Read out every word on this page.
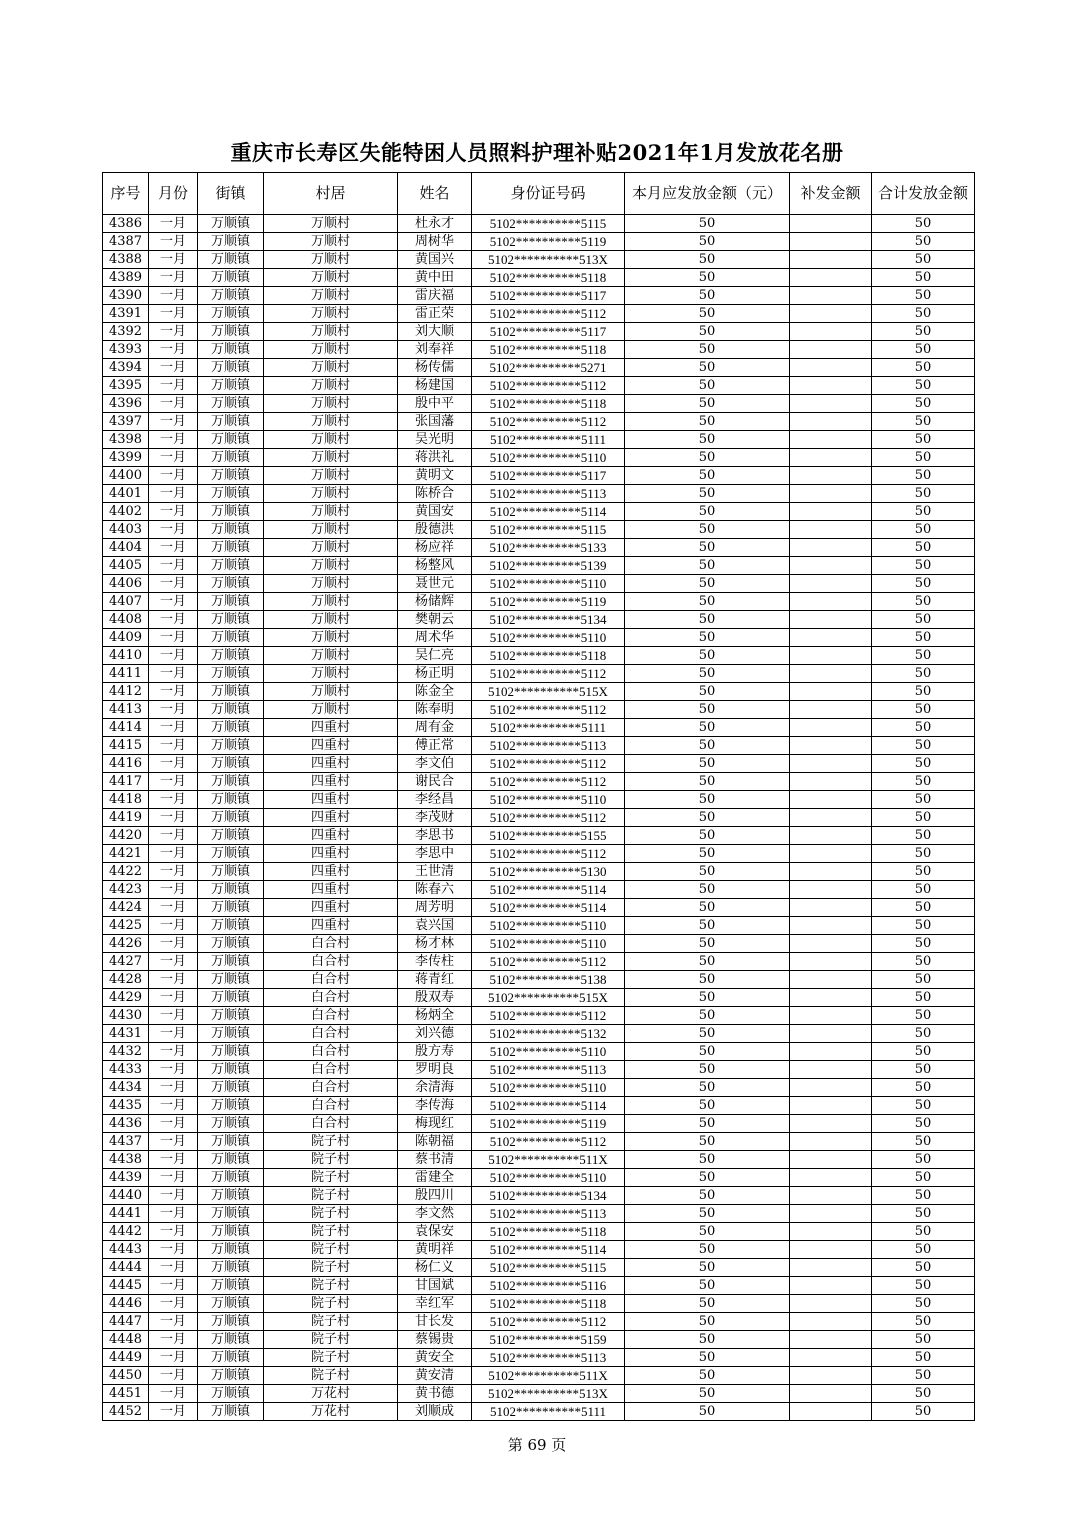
重庆市长寿区失能特困人员照料护理补贴2021年1月发放花名册
序号	月份	街镇	村居	姓名	身份证号码	本月应发放金额（元）	补发金额	合计发放金额
4386	一月	万顺镇	万顺村	杜永才	5102**********5115	50		50
4387	一月	万顺镇	万顺村	周树华	5102**********5119	50		50
4388	一月	万顺镇	万顺村	黄国兴	5102**********513X	50		50
4389	一月	万顺镇	万顺村	黄中田	5102**********5118	50		50
4390	一月	万顺镇	万顺村	雷庆福	5102**********5117	50		50
4391	一月	万顺镇	万顺村	雷正荣	5102**********5112	50		50
4392	一月	万顺镇	万顺村	刘大顺	5102**********5117	50		50
4393	一月	万顺镇	万顺村	刘奉祥	5102**********5118	50		50
4394	一月	万顺镇	万顺村	杨传儒	5102**********5271	50		50
4395	一月	万顺镇	万顺村	杨建国	5102**********5112	50		50
4396	一月	万顺镇	万顺村	殷中平	5102**********5118	50		50
4397	一月	万顺镇	万顺村	张国藩	5102**********5112	50		50
4398	一月	万顺镇	万顺村	吴光明	5102**********5111	50		50
4399	一月	万顺镇	万顺村	蒋洪礼	5102**********5110	50		50
4400	一月	万顺镇	万顺村	黄明文	5102**********5117	50		50
4401	一月	万顺镇	万顺村	陈桥合	5102**********5113	50		50
4402	一月	万顺镇	万顺村	黄国安	5102**********5114	50		50
4403	一月	万顺镇	万顺村	殷德洪	5102**********5115	50		50
4404	一月	万顺镇	万顺村	杨应祥	5102**********5133	50		50
4405	一月	万顺镇	万顺村	杨整风	5102**********5139	50		50
4406	一月	万顺镇	万顺村	聂世元	5102**********5110	50		50
4407	一月	万顺镇	万顺村	杨储辉	5102**********5119	50		50
4408	一月	万顺镇	万顺村	樊朝云	5102**********5134	50		50
4409	一月	万顺镇	万顺村	周术华	5102**********5110	50		50
4410	一月	万顺镇	万顺村	吴仁亮	5102**********5118	50		50
4411	一月	万顺镇	万顺村	杨正明	5102**********5112	50		50
4412	一月	万顺镇	万顺村	陈金全	5102**********515X	50		50
4413	一月	万顺镇	万顺村	陈奉明	5102**********5112	50		50
4414	一月	万顺镇	四重村	周有金	5102**********5111	50		50
4415	一月	万顺镇	四重村	傅正常	5102**********5113	50		50
4416	一月	万顺镇	四重村	李文伯	5102**********5112	50		50
4417	一月	万顺镇	四重村	谢民合	5102**********5112	50		50
4418	一月	万顺镇	四重村	李经昌	5102**********5110	50		50
4419	一月	万顺镇	四重村	李茂财	5102**********5112	50		50
4420	一月	万顺镇	四重村	李思书	5102**********5155	50		50
4421	一月	万顺镇	四重村	李思中	5102**********5112	50		50
4422	一月	万顺镇	四重村	王世清	5102**********5130	50		50
4423	一月	万顺镇	四重村	陈春六	5102**********5114	50		50
4424	一月	万顺镇	四重村	周芳明	5102**********5114	50		50
4425	一月	万顺镇	四重村	袁兴国	5102**********5110	50		50
4426	一月	万顺镇	白合村	杨才林	5102**********5110	50		50
4427	一月	万顺镇	白合村	李传柱	5102**********5112	50		50
4428	一月	万顺镇	白合村	蒋青红	5102**********5138	50		50
4429	一月	万顺镇	白合村	殷双寿	5102**********515X	50		50
4430	一月	万顺镇	白合村	杨炳全	5102**********5112	50		50
4431	一月	万顺镇	白合村	刘兴德	5102**********5132	50		50
4432	一月	万顺镇	白合村	殷方寿	5102**********5110	50		50
4433	一月	万顺镇	白合村	罗明良	5102**********5113	50		50
4434	一月	万顺镇	白合村	余清海	5102**********5110	50		50
4435	一月	万顺镇	白合村	李传海	5102**********5114	50		50
4436	一月	万顺镇	白合村	梅现红	5102**********5119	50		50
4437	一月	万顺镇	院子村	陈朝福	5102**********5112	50		50
4438	一月	万顺镇	院子村	蔡书清	5102**********511X	50		50
4439	一月	万顺镇	院子村	雷建全	5102**********5110	50		50
4440	一月	万顺镇	院子村	殷四川	5102**********5134	50		50
4441	一月	万顺镇	院子村	李文然	5102**********5113	50		50
4442	一月	万顺镇	院子村	袁保安	5102**********5118	50		50
4443	一月	万顺镇	院子村	黄明祥	5102**********5114	50		50
4444	一月	万顺镇	院子村	杨仁义	5102**********5115	50		50
4445	一月	万顺镇	院子村	甘国斌	5102**********5116	50		50
4446	一月	万顺镇	院子村	幸红军	5102**********5118	50		50
4447	一月	万顺镇	院子村	甘长发	5102**********5112	50		50
4448	一月	万顺镇	院子村	蔡锡贵	5102**********5159	50		50
4449	一月	万顺镇	院子村	黄安全	5102**********5113	50		50
4450	一月	万顺镇	院子村	黄安清	5102**********511X	50		50
4451	一月	万顺镇	万花村	黄书德	5102**********513X	50		50
4452	一月	万顺镇	万花村	刘顺成	5102**********5111	50		50
第 69 页
